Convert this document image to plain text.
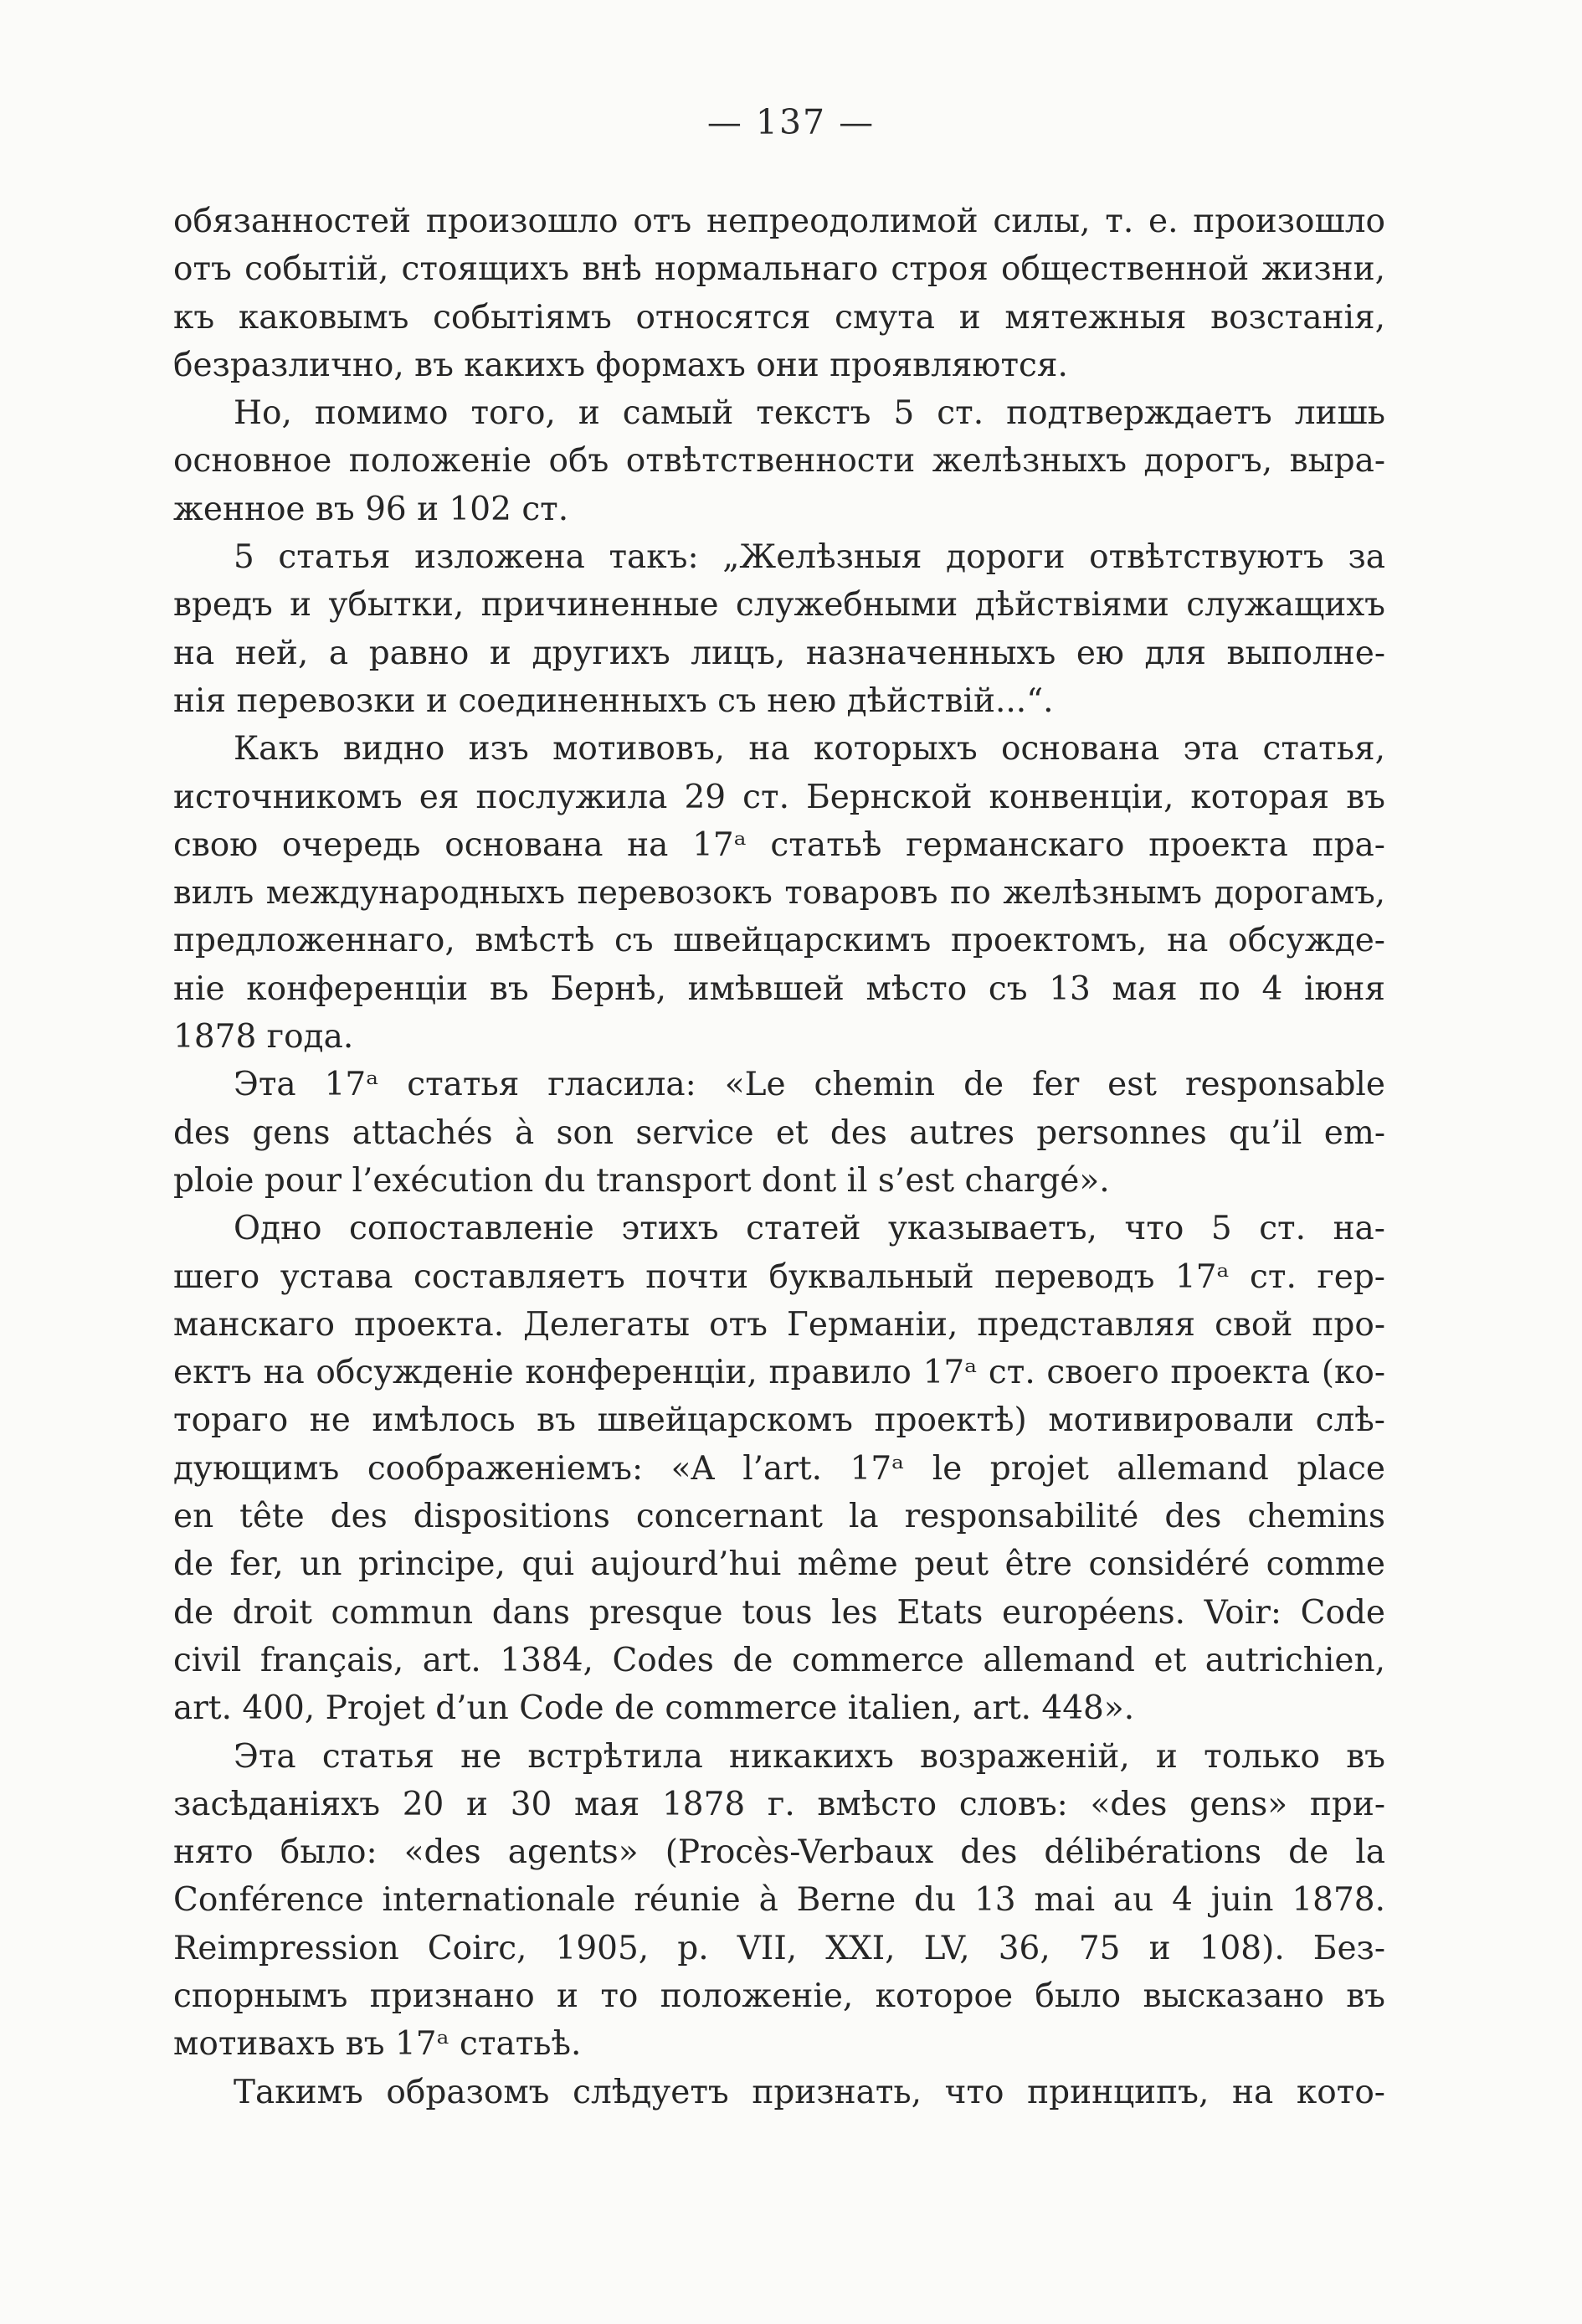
— 137 —
обязанностей произошло отъ непреодолимой силы, т. е. произошло
отъ событій, стоящихъ внѣ нормальнаго строя общественной жизни,
къ каковымъ событіямъ относятся смута и мятежныя возстанія,
безразлично, въ какихъ формахъ они проявляются.
Но, помимо того, и самый текстъ 5 ст. подтверждаетъ лишь
основное положеніе объ отвѣтственности желѣзныхъ дорогъ, выра-
женное въ 96 и 102 ст.
5 статья изложена такъ: „Желѣзныя дороги отвѣтствуютъ за
вредъ и убытки, причиненные служебными дѣйствіями служащихъ
на ней, а равно и другихъ лицъ, назначенныхъ ею для выполне-
нія перевозки и соединенныхъ съ нею дѣйствій...“.
Какъ видно изъ мотивовъ, на которыхъ основана эта статья,
источникомъ ея послужила 29 ст. Бернской конвенціи, которая въ
свою очередь основана на 17ᵃ статьѣ германскаго проекта пра-
вилъ международныхъ перевозокъ товаровъ по желѣзнымъ дорогамъ,
предложеннаго, вмѣстѣ съ швейцарскимъ проектомъ, на обсужде-
ніе конференціи въ Бернѣ, имѣвшей мѣсто съ 13 мая по 4 іюня
1878 года.
Эта 17ᵃ статья гласила: «Le chemin de fer est responsable
des gens attachés à son service et des autres personnes qu’il em-
ploie pour l’exécution du transport dont il s’est chargé».
Одно сопоставленіе этихъ статей указываетъ, что 5 ст. на-
шего устава составляетъ почти буквальный переводъ 17ᵃ ст. гер-
манскаго проекта. Делегаты отъ Германіи, представляя свой про-
ектъ на обсужденіе конференціи, правило 17ᵃ ст. своего проекта (ко-
тораго не имѣлось въ швейцарскомъ проектѣ) мотивировали слѣ-
дующимъ соображеніемъ: «A l’art. 17ᵃ le projet allemand place
en tête des dispositions concernant la responsabilité des chemins
de fer, un principe, qui aujourd’hui même peut être considéré comme
de droit commun dans presque tous les Etats européens. Voir: Code
civil français, art. 1384, Codes de commerce allemand et autrichien,
art. 400, Projet d’un Code de commerce italien, art. 448».
Эта статья не встрѣтила никакихъ возраженій, и только въ
засѣданіяхъ 20 и 30 мая 1878 г. вмѣсто словъ: «des gens» при-
нято было: «des agents» (Procès-Verbaux des délibérations de la
Conférence internationale réunie à Berne du 13 mai au 4 juin 1878.
Reimpression Coirc, 1905, p. VII, XXI, LV, 36, 75 и 108). Без-
спорнымъ признано и то положеніе, которое было высказано въ
мотивахъ въ 17ᵃ статьѣ.
Такимъ образомъ слѣдуетъ признать, что принципъ, на кото-
